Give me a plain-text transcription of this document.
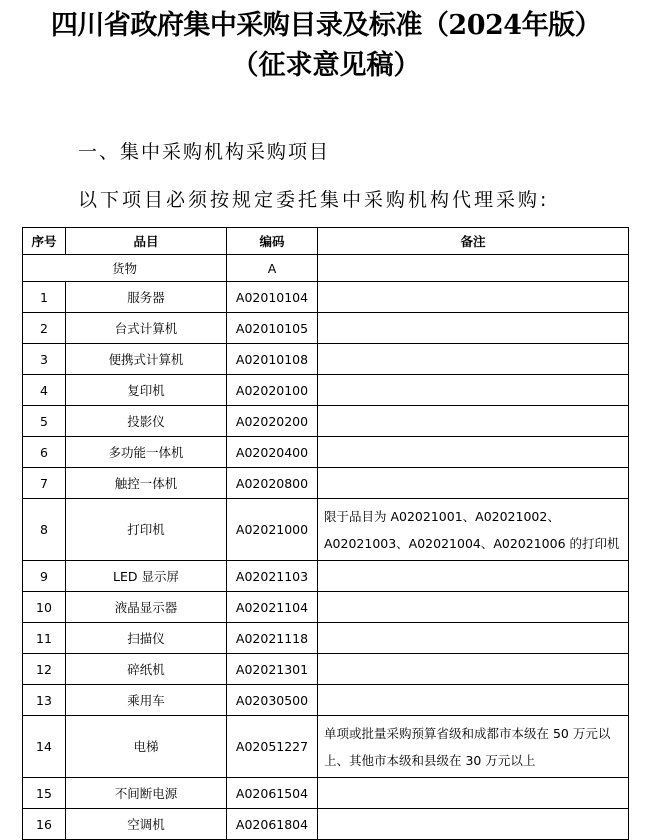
四川省政府集中采购目录及标准（2024年版）
（征求意见稿）
一、集中采购机构采购项目
以下项目必须按规定委托集中采购机构代理采购:
序号	品目	编码	备注
货物		A	
1	服务器	A02010104	
2	台式计算机	A02010105	
3	便携式计算机	A02010108	
4	复印机	A02020100	
5	投影仪	A02020200	
6	多功能一体机	A02020400	
7	触控一体机	A02020800	
8	打印机	A02021000	限于品目为 A02021001、A02021002、A02021003、A02021004、A02021006 的打印机
9	LED 显示屏	A02021103	
10	液晶显示器	A02021104	
11	扫描仪	A02021118	
12	碎纸机	A02021301	
13	乘用车	A02030500	
14	电梯	A02051227	单项或批量采购预算省级和成都市本级在 50 万元以上、其他市本级和县级在 30 万元以上
15	不间断电源	A02061504	
16	空调机	A02061804	
